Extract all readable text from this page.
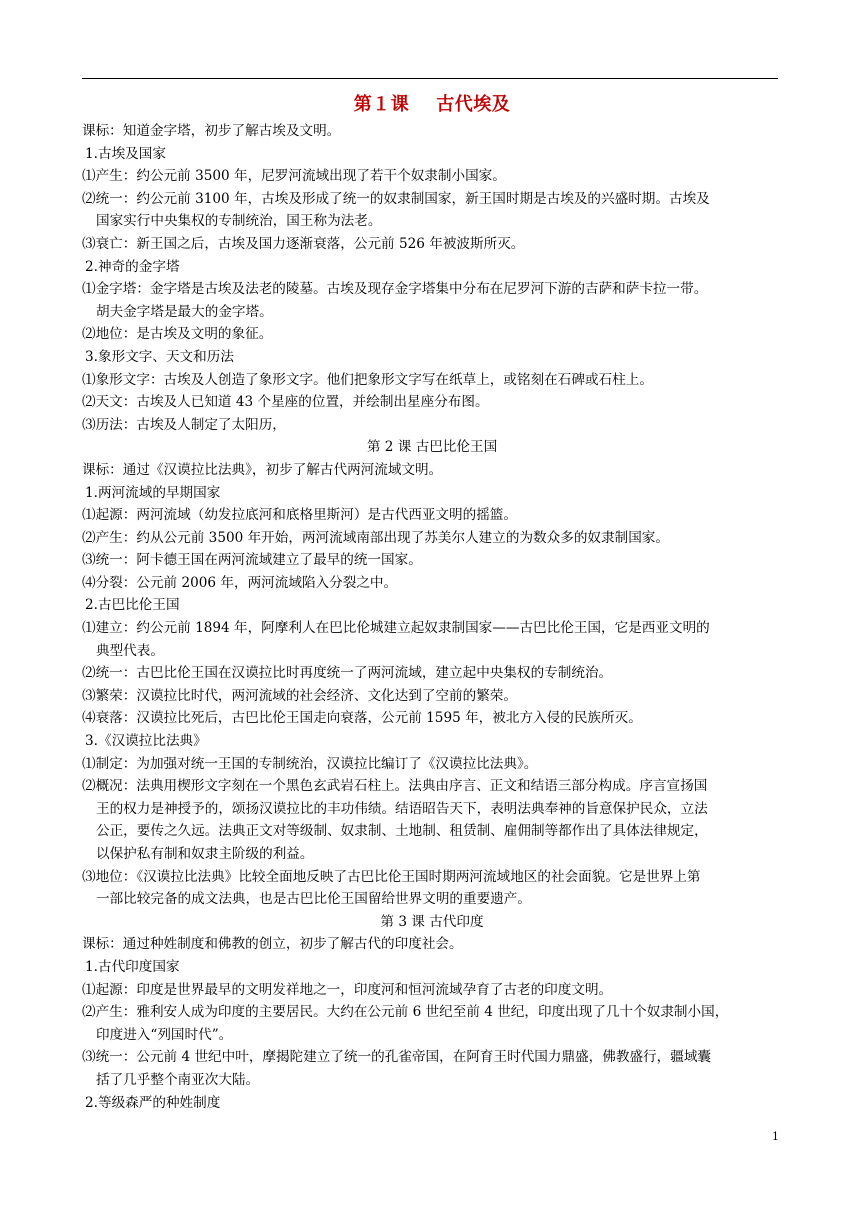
第１课    古代埃及
课标：知道金字塔，初步了解古埃及文明。
1.古埃及国家
⑴产生：约公元前 3500 年，尼罗河流域出现了若干个奴隶制小国家。
⑵统一：约公元前 3100 年，古埃及形成了统一的奴隶制国家，新王国时期是古埃及的兴盛时期。古埃及
国家实行中央集权的专制统治，国王称为法老。
⑶衰亡：新王国之后，古埃及国力逐渐衰落，公元前 526 年被波斯所灭。
2.神奇的金字塔
⑴金字塔：金字塔是古埃及法老的陵墓。古埃及现存金字塔集中分布在尼罗河下游的吉萨和萨卡拉一带。
胡夫金字塔是最大的金字塔。
⑵地位：是古埃及文明的象征。
3.象形文字、天文和历法
⑴象形文字：古埃及人创造了象形文字。他们把象形文字写在纸草上，或铭刻在石碑或石柱上。
⑵天文：古埃及人已知道 43 个星座的位置，并绘制出星座分布图。
⑶历法：古埃及人制定了太阳历，
第 2 课 古巴比伦王国
课标：通过《汉谟拉比法典》，初步了解古代两河流域文明。
1.两河流域的早期国家
⑴起源：两河流域（幼发拉底河和底格里斯河）是古代西亚文明的摇篮。
⑵产生：约从公元前 3500 年开始，两河流域南部出现了苏美尔人建立的为数众多的奴隶制国家。
⑶统一：阿卡德王国在两河流域建立了最早的统一国家。
⑷分裂：公元前 2006 年，两河流域陷入分裂之中。
2.古巴比伦王国
⑴建立：约公元前 1894 年，阿摩利人在巴比伦城建立起奴隶制国家——古巴比伦王国，它是西亚文明的
典型代表。
⑵统一：古巴比伦王国在汉谟拉比时再度统一了两河流域，建立起中央集权的专制统治。
⑶繁荣：汉谟拉比时代，两河流域的社会经济、文化达到了空前的繁荣。
⑷衰落：汉谟拉比死后，古巴比伦王国走向衰落，公元前 1595 年，被北方入侵的民族所灭。
3.《汉谟拉比法典》
⑴制定：为加强对统一王国的专制统治，汉谟拉比编订了《汉谟拉比法典》。
⑵概况：法典用楔形文字刻在一个黑色玄武岩石柱上。法典由序言、正文和结语三部分构成。序言宣扬国
王的权力是神授予的，颂扬汉谟拉比的丰功伟绩。结语昭告天下，表明法典奉神的旨意保护民众，立法
公正，要传之久远。法典正文对等级制、奴隶制、土地制、租赁制、雇佣制等都作出了具体法律规定，
以保护私有制和奴隶主阶级的利益。
⑶地位：《汉谟拉比法典》比较全面地反映了古巴比伦王国时期两河流域地区的社会面貌。它是世界上第
一部比较完备的成文法典，也是古巴比伦王国留给世界文明的重要遗产。
第 3 课 古代印度
课标：通过种姓制度和佛教的创立，初步了解古代的印度社会。
1.古代印度国家
⑴起源：印度是世界最早的文明发祥地之一，印度河和恒河流域孕育了古老的印度文明。
⑵产生：雅利安人成为印度的主要居民。大约在公元前 6 世纪至前 4 世纪，印度出现了几十个奴隶制小国，
印度进入“列国时代”。
⑶统一：公元前 4 世纪中叶，摩揭陀建立了统一的孔雀帝国，在阿育王时代国力鼎盛，佛教盛行，疆域囊
括了几乎整个南亚次大陆。
2.等级森严的种姓制度
1
